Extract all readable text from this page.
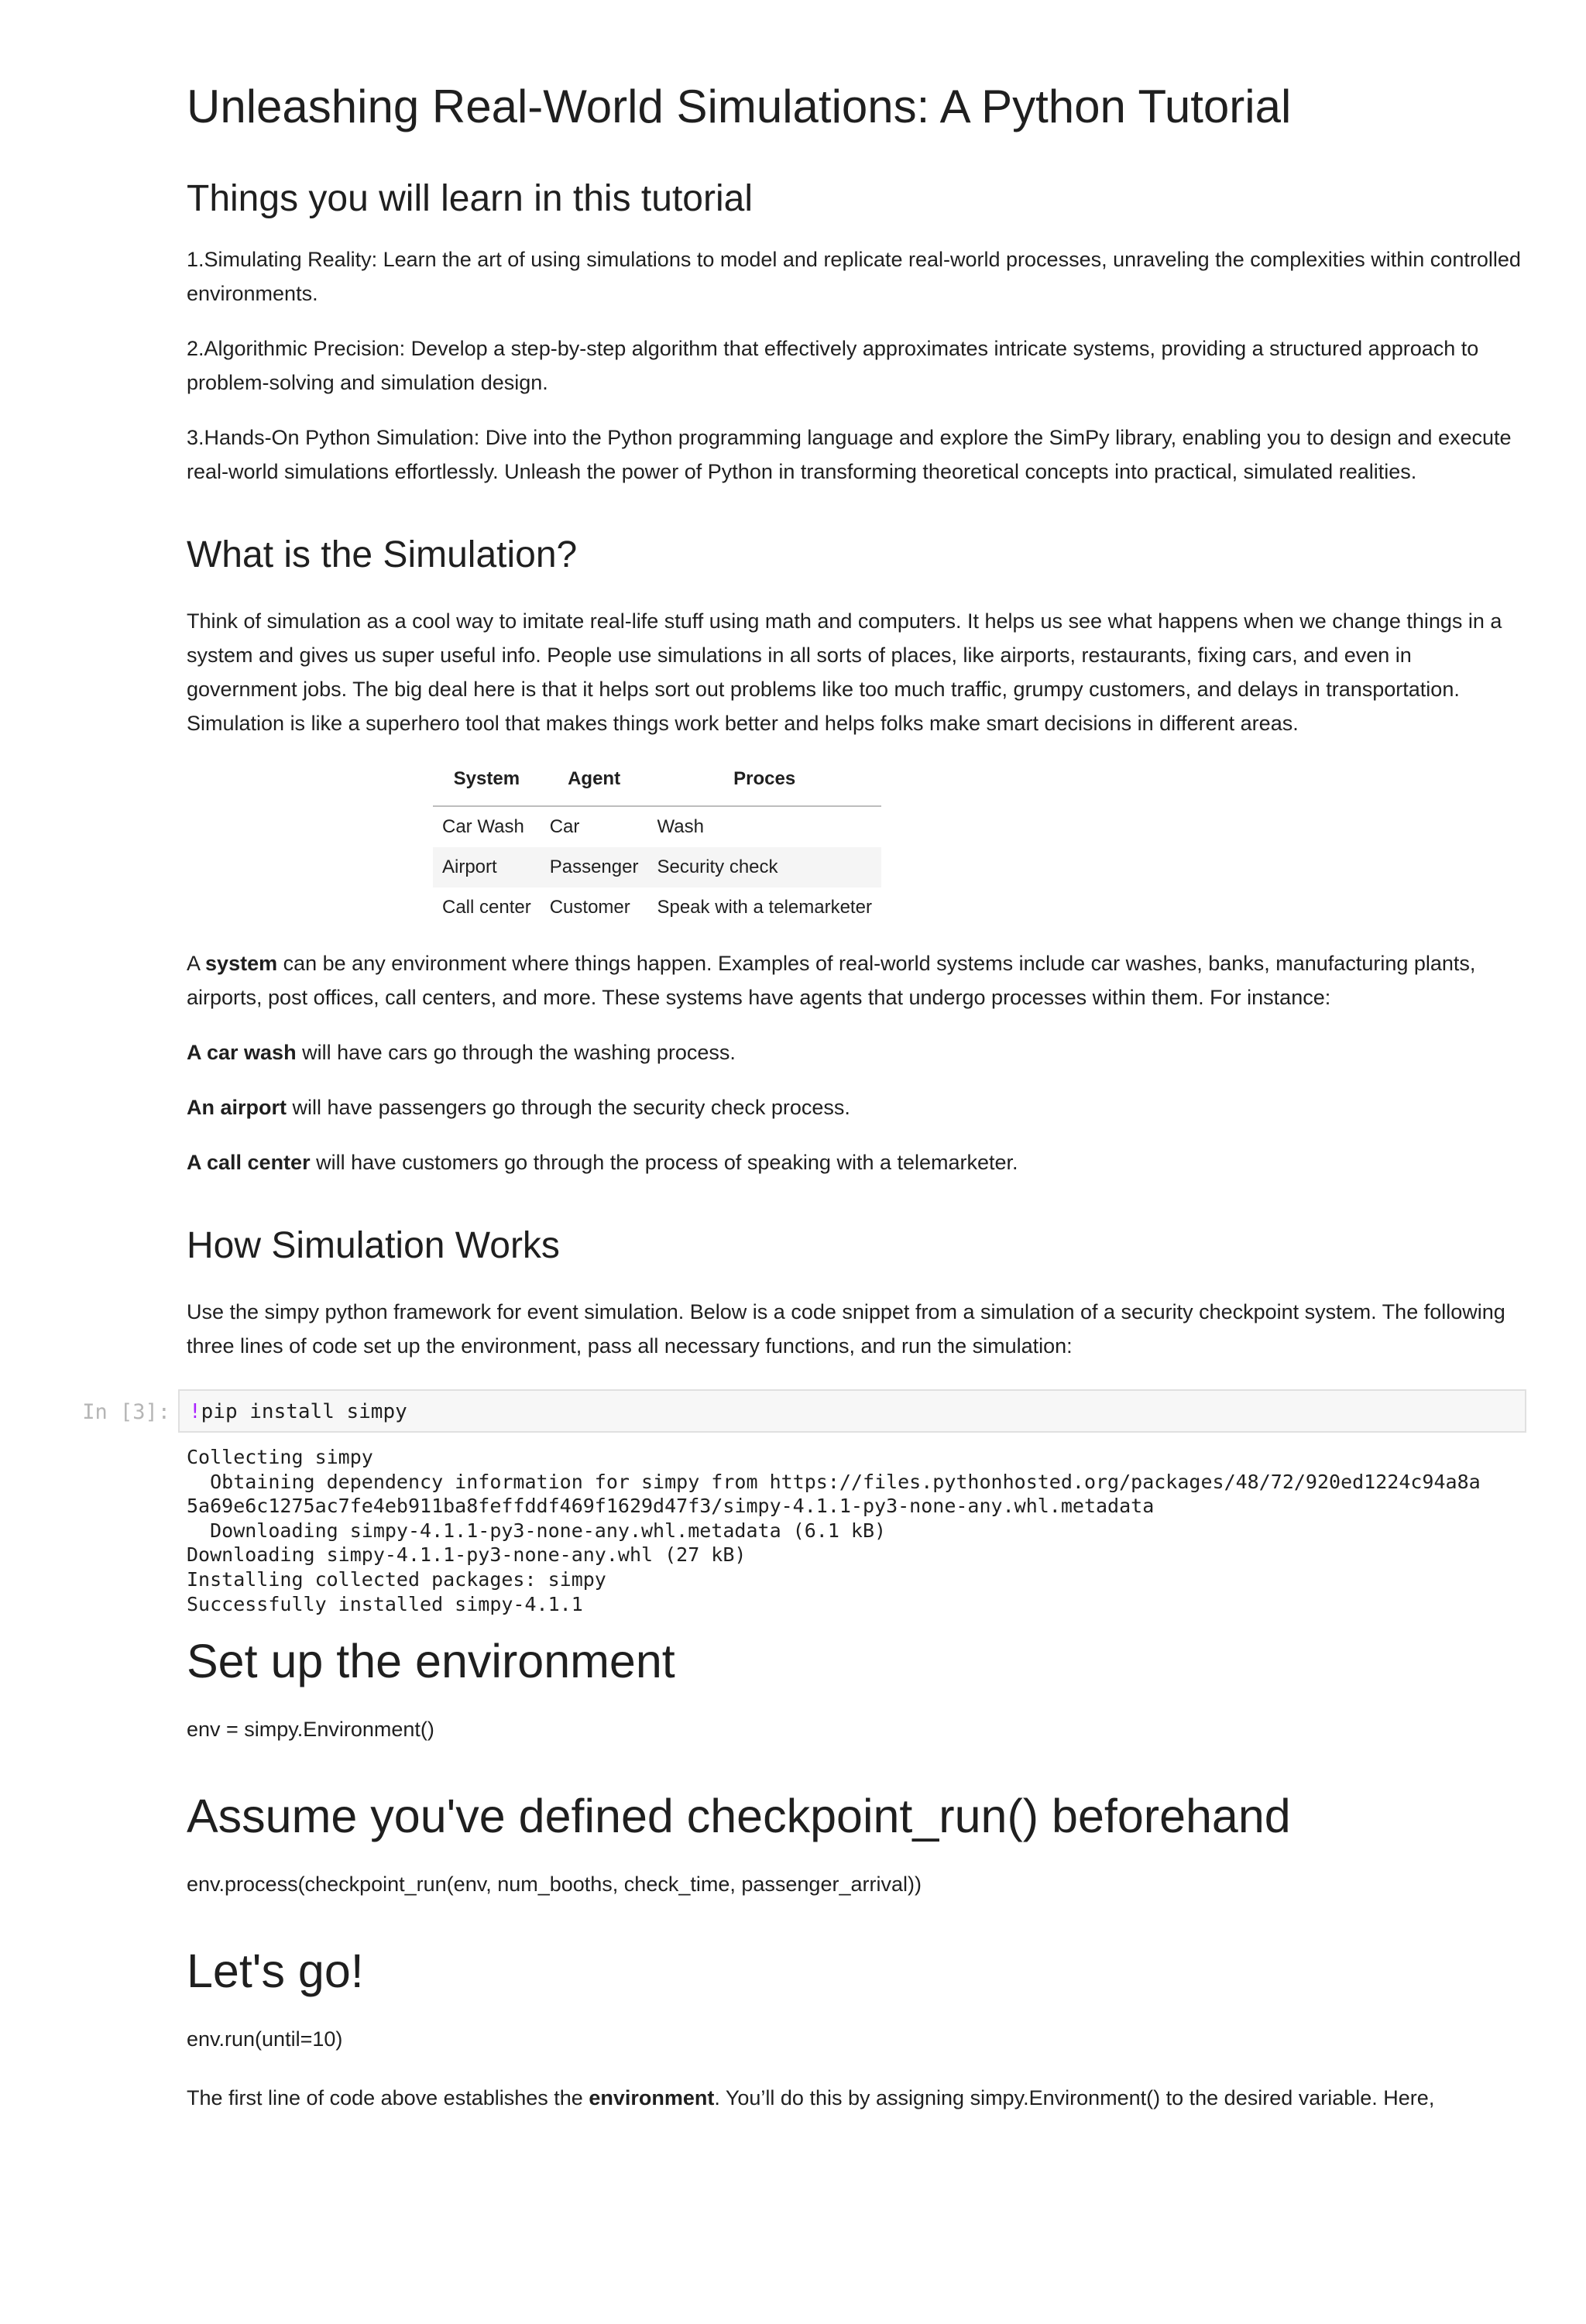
Unleashing Real-World Simulations: A Python Tutorial
Things you will learn in this tutorial

1.Simulating Reality: Learn the art of using simulations to model and replicate real-world processes, unraveling the complexities within controlled environments.

2.Algorithmic Precision: Develop a step-by-step algorithm that effectively approximates intricate systems, providing a structured approach to problem-solving and simulation design.

3.Hands-On Python Simulation: Dive into the Python programming language and explore the SimPy library, enabling you to design and execute real-world simulations effortlessly. Unleash the power of Python in transforming theoretical concepts into practical, simulated realities.

What is the Simulation?

Think of simulation as a cool way to imitate real-life stuff using math and computers. It helps us see what happens when we change things in a system and gives us super useful info. People use simulations in all sorts of places, like airports, restaurants, fixing cars, and even in government jobs. The big deal here is that it helps sort out problems like too much traffic, grumpy customers, and delays in transportation. Simulation is like a superhero tool that makes things work better and helps folks make smart decisions in different areas.

System	Agent	Proces
Car Wash	Car	Wash
Airport	Passenger	Security check
Call center	Customer	Speak with a telemarketer

A system can be any environment where things happen. Examples of real-world systems include car washes, banks, manufacturing plants, airports, post offices, call centers, and more. These systems have agents that undergo processes within them. For instance:

A car wash will have cars go through the washing process.

An airport will have passengers go through the security check process.

A call center will have customers go through the process of speaking with a telemarketer.

How Simulation Works

Use the simpy python framework for event simulation. Below is a code snippet from a simulation of a security checkpoint system. The following three lines of code set up the environment, pass all necessary functions, and run the simulation:

In [3]: !pip install simpy
Collecting simpy
Obtaining dependency information for simpy from https://files.pythonhosted.org/packages/48/72/920ed1224c94a8a
5a69e6c1275ac7fe4eb911ba8feffddf469f1629d47f3/simpy-4.1.1-py3-none-any.whl.metadata
Downloading simpy-4.1.1-py3-none-any.whl.metadata (6.1 kB)
Downloading simpy-4.1.1-py3-none-any.whl (27 kB)
Installing collected packages: simpy
Successfully installed simpy-4.1.1
Set up the environment

env = simpy.Environment()

Assume you've defined checkpoint_run() beforehand

env.process(checkpoint_run(env, num_booths, check_time, passenger_arrival))

Let's go!

env.run(until=10)

The first line of code above establishes the environment. You’ll do this by assigning simpy.Environment() to the desired variable. Here,
